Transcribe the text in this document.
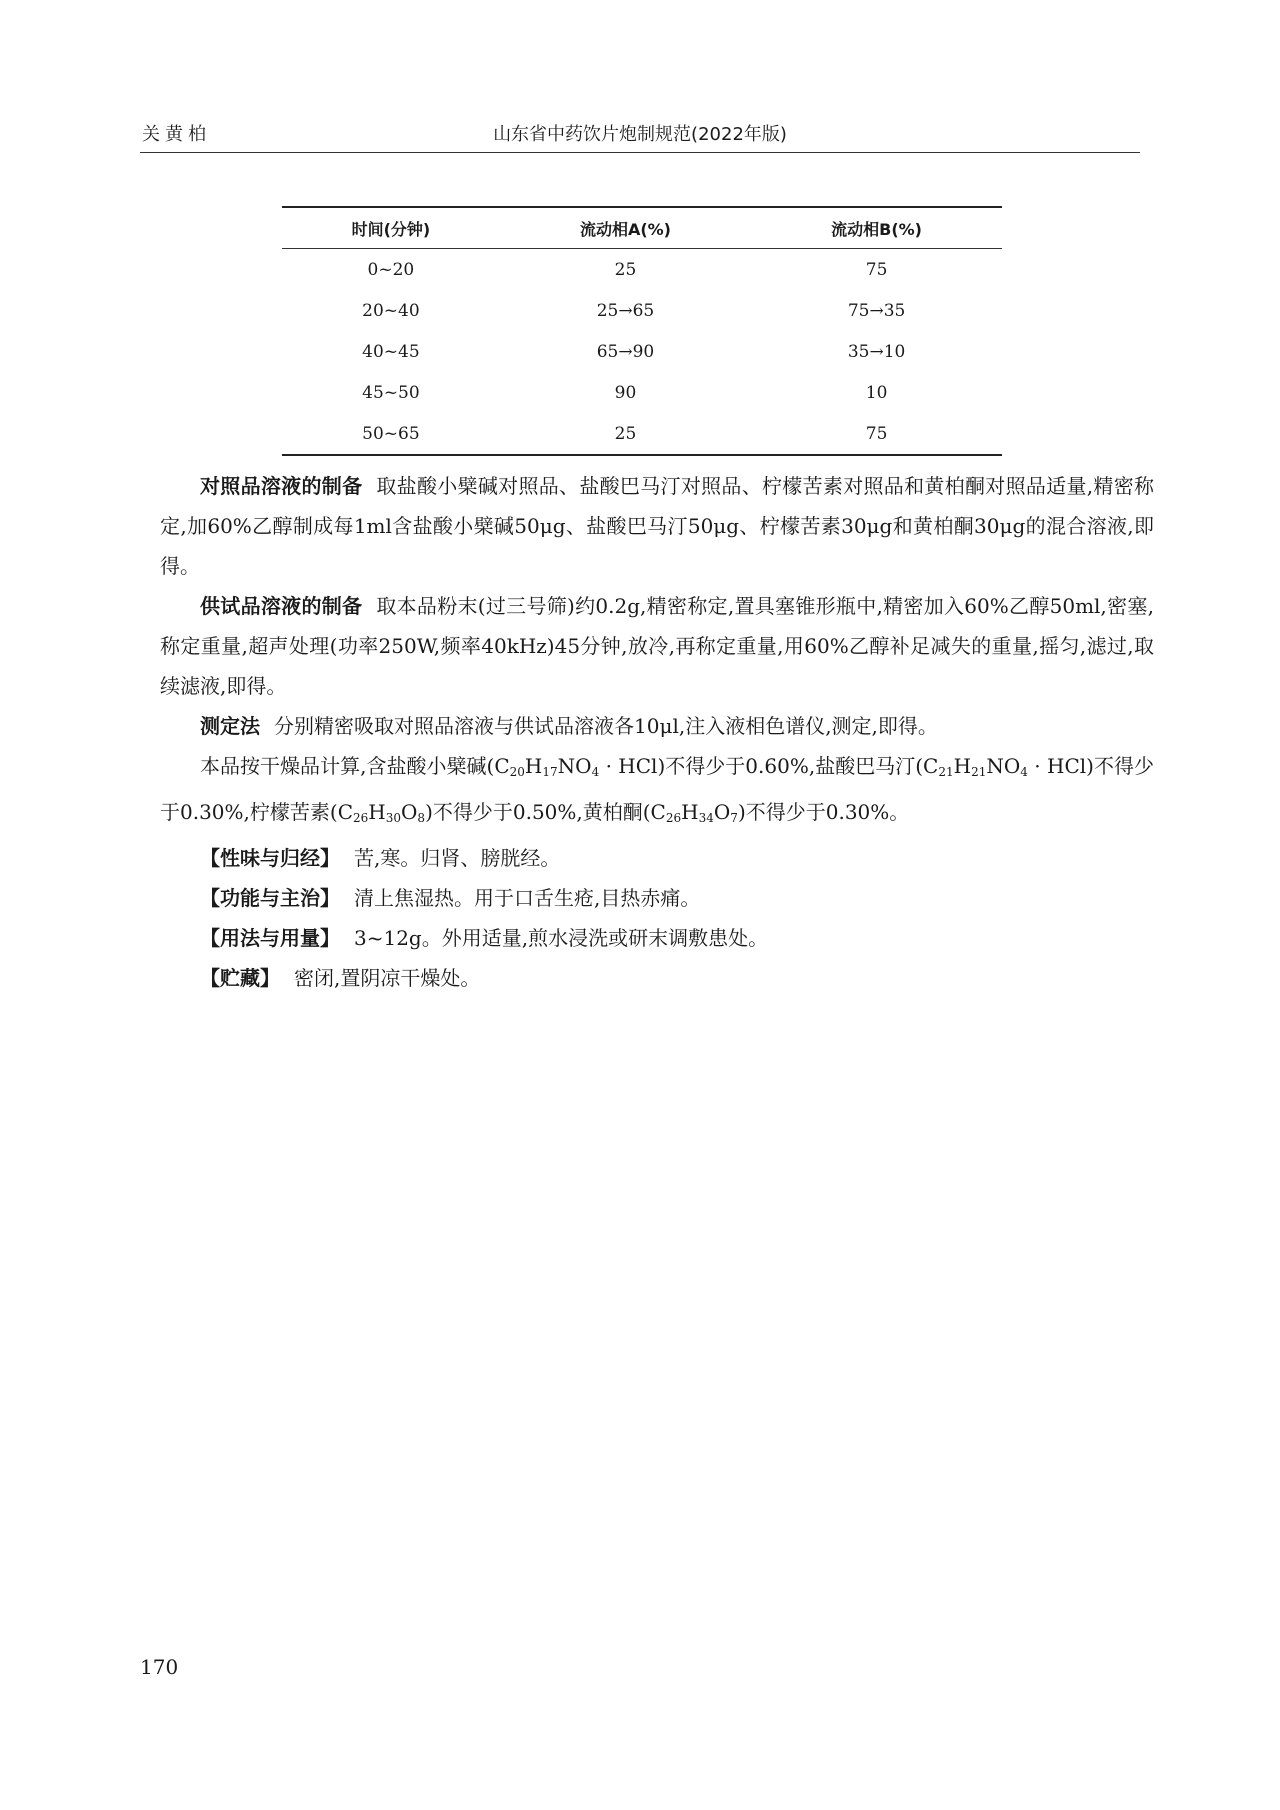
关黄柏	山东省中药饮片炮制规范(2022年版)
时间(分钟)	流动相A(%)	流动相B(%)
0~20	25	75
20~40	25→65	75→35
40~45	65→90	35→10
45~50	90	10
50~65	25	75

对照品溶液的制备 取盐酸小檗碱对照品、盐酸巴马汀对照品、柠檬苦素对照品和黄柏酮对照品适量,精密称定,加60%乙醇制成每1ml含盐酸小檗碱50μg、盐酸巴马汀50μg、柠檬苦素30μg和黄柏酮30μg的混合溶液,即得。

供试品溶液的制备 取本品粉末(过三号筛)约0.2g,精密称定,置具塞锥形瓶中,精密加入60%乙醇50ml,密塞,称定重量,超声处理(功率250W,频率40kHz)45分钟,放冷,再称定重量,用60%乙醇补足减失的重量,摇匀,滤过,取续滤液,即得。

测定法 分别精密吸取对照品溶液与供试品溶液各10μl,注入液相色谱仪,测定,即得。

本品按干燥品计算,含盐酸小檗碱$(C_{20}H_{17}NO_4 \cdot HCl)$不得少于0.60%,盐酸巴马汀$(C_{21}H_{21}NO_4 \cdot HCl)$不得少于0.30%,柠檬苦素$(C_{26}H_{30}O_8)$不得少于0.50%,黄柏酮$(C_{26}H_{34}O_7)$不得少于0.30%。

【性味与归经】 苦,寒。归肾、膀胱经。

【功能与主治】 清上焦湿热。用于口舌生疮,目热赤痛。

【用法与用量】 3~12g。外用适量,煎水浸洗或研末调敷患处。

【贮藏】 密闭,置阴凉干燥处。

170
